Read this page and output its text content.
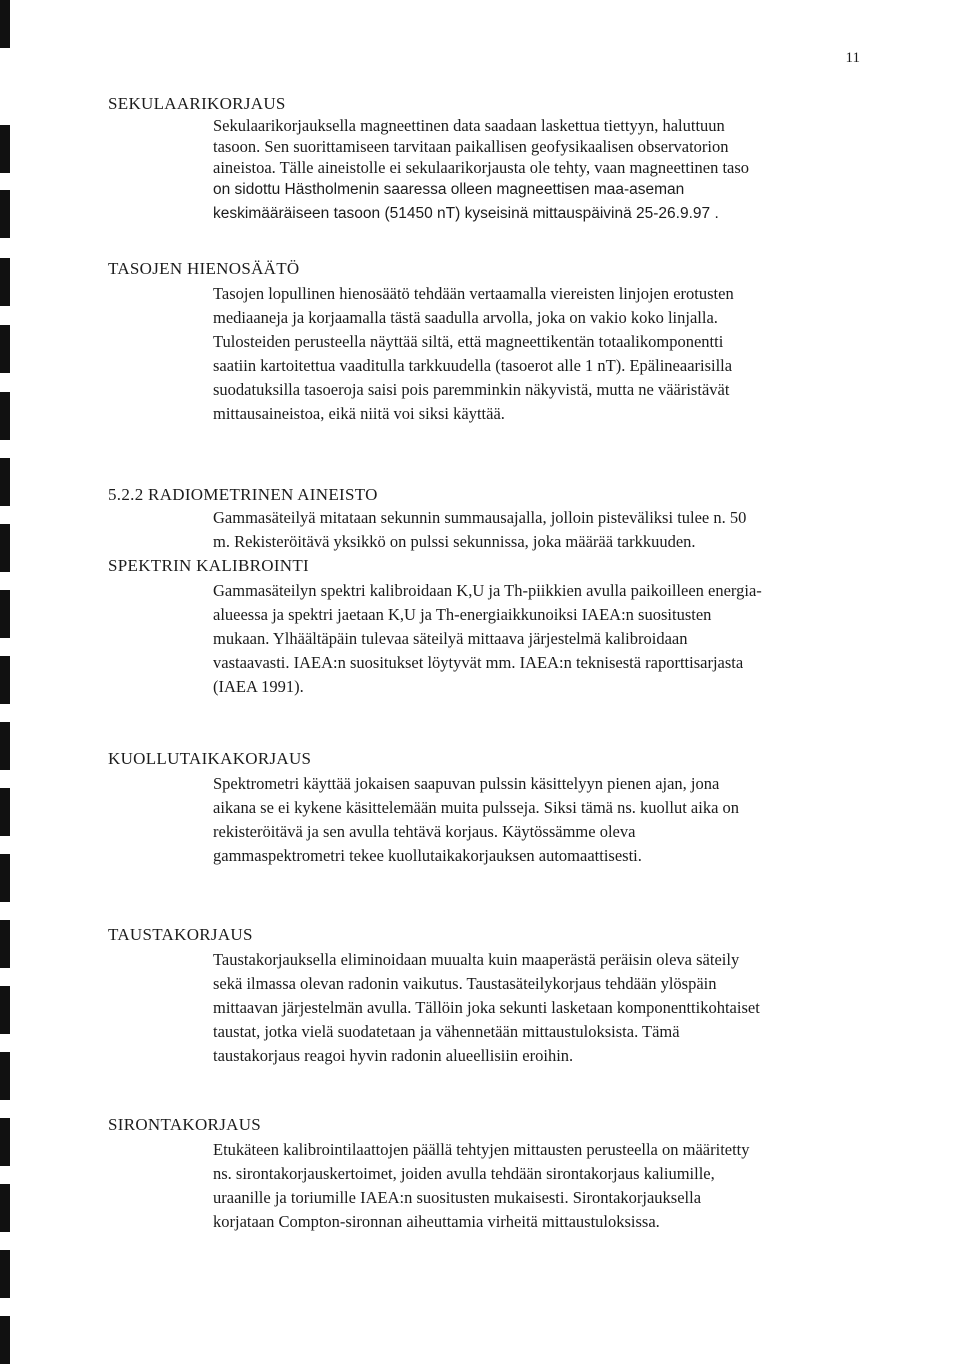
11
SEKULAARIKORJAUS
Sekulaarikorjauksella magneettinen data saadaan laskettua tiettyyn, haluttuun
tasoon. Sen suorittamiseen tarvitaan paikallisen geofysikaalisen observatorion
aineistoa. Tälle aineistolle ei sekulaarikorjausta ole tehty, vaan magneettinen taso
on sidottu Hästholmenin saaressa olleen magneettisen maa-aseman
keskimääräiseen tasoon (51450 nT) kyseisinä mittauspäivinä 25-26.9.97 .
TASOJEN HIENOSÄÄTÖ
Tasojen lopullinen hienosäätö tehdään vertaamalla viereisten linjojen erotusten
mediaaneja ja korjaamalla tästä saadulla arvolla, joka on vakio koko linjalla.
Tulosteiden perusteella näyttää siltä, että magneettikentän totaalikomponentti
saatiin kartoitettua vaaditulla tarkkuudella (tasoerot alle 1 nT). Epälineaarisilla
suodatuksilla tasoeroja saisi pois paremminkin näkyvistä, mutta ne vääristävät
mittausaineistoa, eikä niitä voi siksi käyttää.
5.2.2 RADIOMETRINEN AINEISTO
Gammasäteilyä mitataan sekunnin summausajalla, jolloin pisteväliksi tulee n. 50
m. Rekisteröitävä yksikkö on pulssi sekunnissa, joka määrää tarkkuuden.
SPEKTRIN KALIBROINTI
Gammasäteilyn spektri kalibroidaan K,U ja Th-piikkien avulla paikoilleen energia-
alueessa ja spektri jaetaan K,U ja Th-energiaikkunoiksi IAEA:n suositusten
mukaan. Ylhäältäpäin tulevaa säteilyä mittaava järjestelmä kalibroidaan
vastaavasti. IAEA:n suositukset löytyvät mm. IAEA:n teknisestä raporttisarjasta
(IAEA 1991).
KUOLLUTAIKAKORJAUS
Spektrometri käyttää jokaisen saapuvan pulssin käsittelyyn pienen ajan, jona
aikana se ei kykene käsittelemään muita pulsseja. Siksi tämä ns. kuollut aika on
rekisteröitävä ja sen avulla tehtävä korjaus. Käytössämme oleva
gammaspektrometri tekee kuollutaikakorjauksen automaattisesti.
TAUSTAKORJAUS
Taustakorjauksella eliminoidaan muualta kuin maaperästä peräisin oleva säteily
sekä ilmassa olevan radonin vaikutus. Taustasäteilykorjaus tehdään ylöspäin
mittaavan järjestelmän avulla. Tällöin joka sekunti lasketaan komponenttikohtaiset
taustat, jotka vielä suodatetaan ja vähennetään mittaustuloksista. Tämä
taustakorjaus reagoi hyvin radonin alueellisiin eroihin.
SIRONTAKORJAUS
Etukäteen kalibrointilaattojen päällä tehtyjen mittausten perusteella on määritetty
ns. sirontakorjauskertoimet, joiden avulla tehdään sirontakorjaus kaliumille,
uraanille ja toriumille IAEA:n suositusten mukaisesti. Sirontakorjauksella
korjataan Compton-sironnan aiheuttamia virheitä mittaustuloksissa.
